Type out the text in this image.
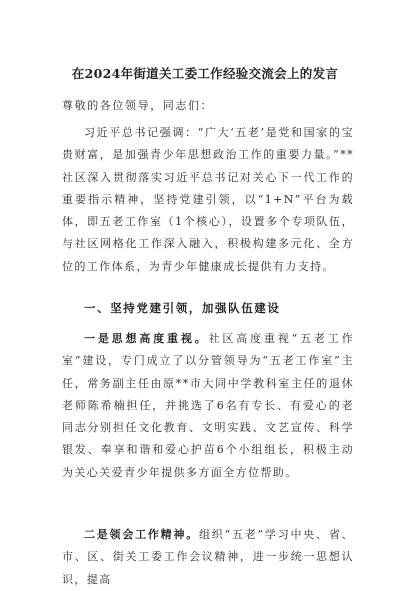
在2024年街道关工委工作经验交流会上的发言
尊敬的各位领导，同志们：

习近平总书记强调：“广大‘五老’是党和国家的宝贵财富，是加强青少年思想政治工作的重要力量。”**社区深入贯彻落实习近平总书记对关心下一代工作的重要指示精神，坚持党建引领，以“1+N”平台为载体，即五老工作室（1个核心），设置多个专项队伍，与社区网格化工作深入融入，积极构建多元化、全方位的工作体系，为青少年健康成长提供有力支持。

一、坚持党建引领，加强队伍建设

一是思想高度重视。社区高度重视“五老工作室”建设，专门成立了以分管领导为“五老工作室”主任，常务副主任由原**市大同中学教科室主任的退休老师陈希楠担任，并挑选了6名有专长、有爱心的老同志分别担任文化教育、文明实践、文艺宣传、科学银发、奉享和谐和爱心护苗6个小组组长，积极主动为关心关爱青少年提供多方面全方位帮助。

二是领会工作精神。组织“五老”学习中央、省、市、区、街关工委工作会议精神，进一步统一思想认识，提高
